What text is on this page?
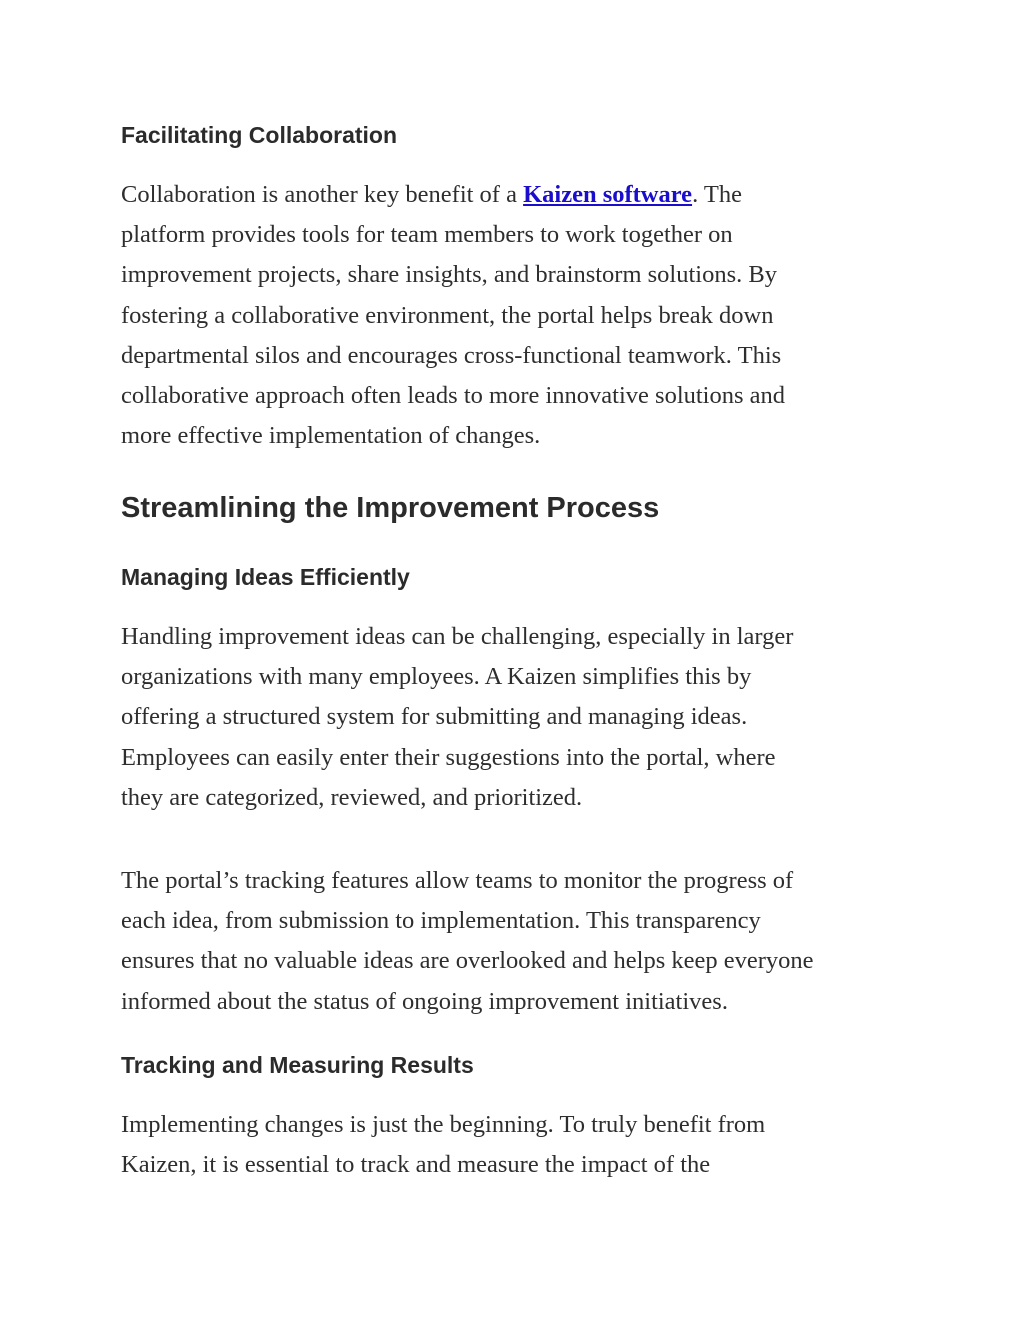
Facilitating Collaboration
Collaboration is another key benefit of a Kaizen software. The
platform provides tools for team members to work together on
improvement projects, share insights, and brainstorm solutions. By
fostering a collaborative environment, the portal helps break down
departmental silos and encourages cross-functional teamwork. This
collaborative approach often leads to more innovative solutions and
more effective implementation of changes.
Streamlining the Improvement Process
Managing Ideas Efficiently
Handling improvement ideas can be challenging, especially in larger
organizations with many employees. A Kaizen simplifies this by
offering a structured system for submitting and managing ideas.
Employees can easily enter their suggestions into the portal, where
they are categorized, reviewed, and prioritized.
The portal’s tracking features allow teams to monitor the progress of
each idea, from submission to implementation. This transparency
ensures that no valuable ideas are overlooked and helps keep everyone
informed about the status of ongoing improvement initiatives.
Tracking and Measuring Results
Implementing changes is just the beginning. To truly benefit from
Kaizen, it is essential to track and measure the impact of the
